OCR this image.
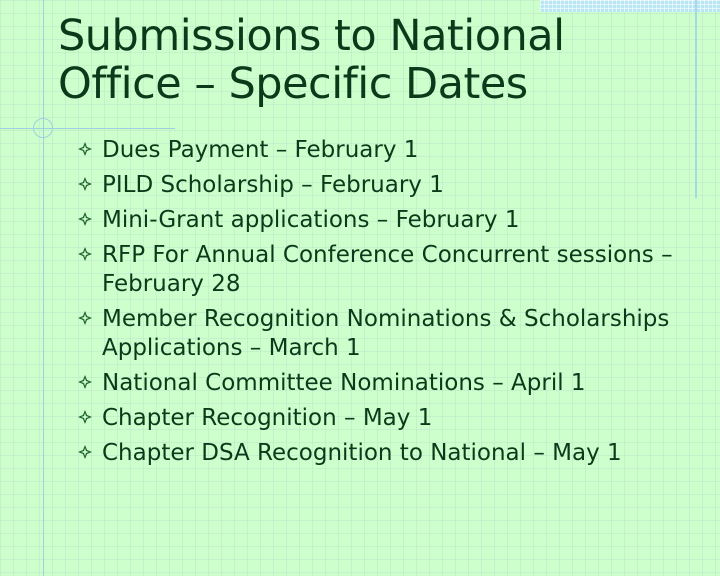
Submissions to National
Office – Specific Dates
Dues Payment – February 1
PILD Scholarship – February 1
Mini-Grant applications – February 1
RFP For Annual Conference Concurrent sessions – February 28
Member Recognition Nominations & Scholarships Applications – March 1
National Committee Nominations – April 1
Chapter Recognition – May 1
Chapter DSA Recognition to National – May 1
